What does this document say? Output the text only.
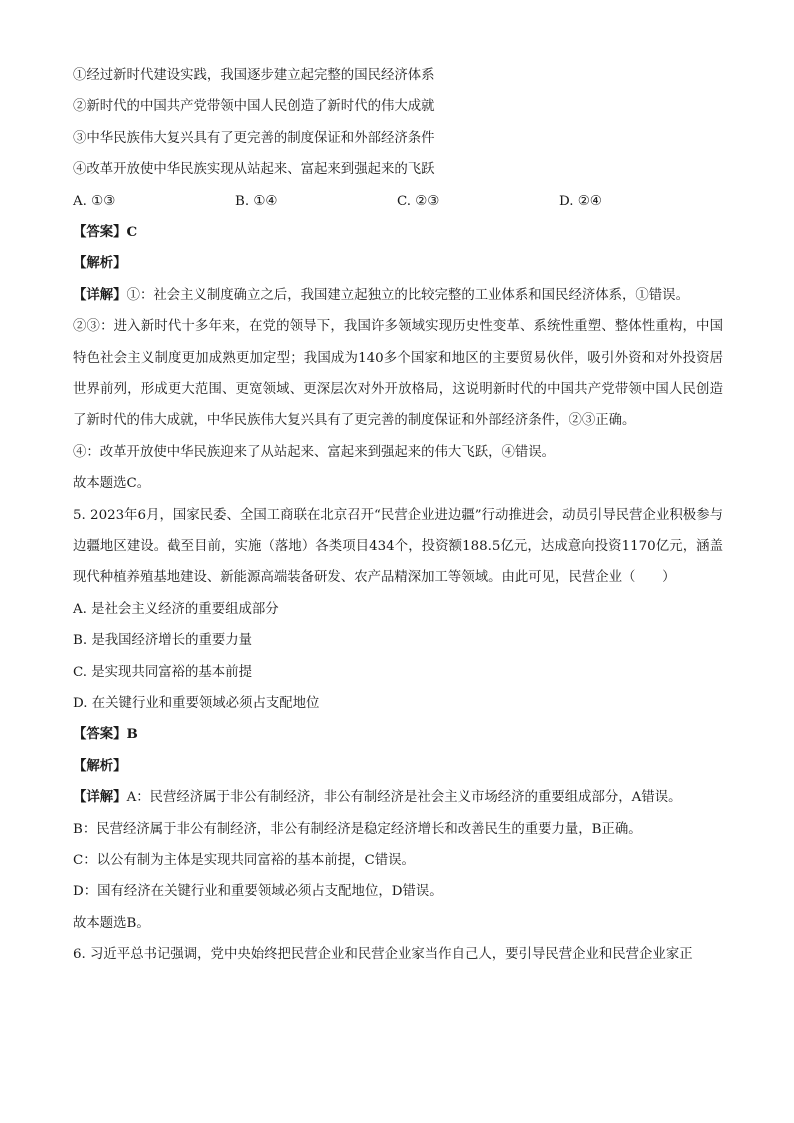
①经过新时代建设实践，我国逐步建立起完整的国民经济体系
②新时代的中国共产党带领中国人民创造了新时代的伟大成就
③中华民族伟大复兴具有了更完善的制度保证和外部经济条件
④改革开放使中华民族实现从站起来、富起来到强起来的飞跃
A. ①③	B. ①④	C. ②③	D. ②④
【答案】C
【解析】
【详解】①：社会主义制度确立之后，我国建立起独立的比较完整的工业体系和国民经济体系，①错误。
②③：进入新时代十多年来，在党的领导下，我国许多领域实现历史性变革、系统性重塑、整体性重构，中国特色社会主义制度更加成熟更加定型；我国成为140多个国家和地区的主要贸易伙伴，吸引外资和对外投资居世界前列，形成更大范围、更宽领域、更深层次对外开放格局，这说明新时代的中国共产党带领中国人民创造了新时代的伟大成就，中华民族伟大复兴具有了更完善的制度保证和外部经济条件，②③正确。
④：改革开放使中华民族迎来了从站起来、富起来到强起来的伟大飞跃，④错误。
故本题选C。
5. 2023年6月，国家民委、全国工商联在北京召开“民营企业进边疆”行动推进会，动员引导民营企业积极参与边疆地区建设。截至目前，实施（落地）各类项目434个，投资额188.5亿元，达成意向投资1170亿元，涵盖现代种植养殖基地建设、新能源高端装备研发、农产品精深加工等领域。由此可见，民营企业（　　）
A. 是社会主义经济的重要组成部分
B. 是我国经济增长的重要力量
C. 是实现共同富裕的基本前提
D. 在关键行业和重要领域必须占支配地位
【答案】B
【解析】
【详解】A：民营经济属于非公有制经济，非公有制经济是社会主义市场经济的重要组成部分，A错误。
B：民营经济属于非公有制经济，非公有制经济是稳定经济增长和改善民生的重要力量，B正确。
C：以公有制为主体是实现共同富裕的基本前提，C错误。
D：国有经济在关键行业和重要领域必须占支配地位，D错误。
故本题选B。
6. 习近平总书记强调，党中央始终把民营企业和民营企业家当作自己人，要引导民营企业和民营企业家正
